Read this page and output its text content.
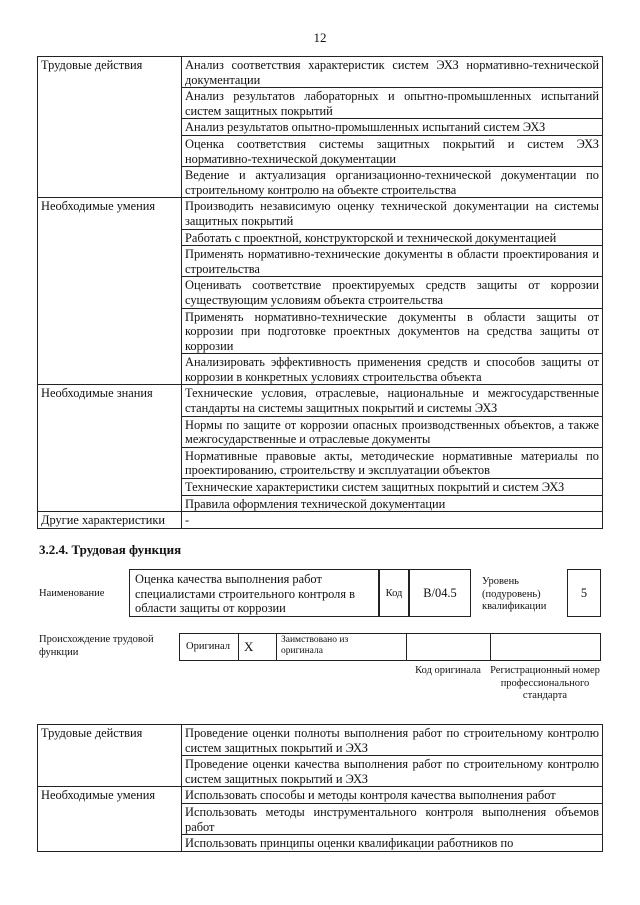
12
Трудовые действия	Анализ соответствия характеристик систем ЭХЗ нормативно-технической документации
	Анализ результатов лабораторных и опытно-промышленных испытаний систем защитных покрытий
	Анализ результатов опытно-промышленных испытаний систем ЭХЗ
	Оценка соответствия системы защитных покрытий и систем ЭХЗ нормативно-технической документации
	Ведение и актуализация организационно-технической документации по строительному контролю на объекте строительства
Необходимые умения	Производить независимую оценку технической документации на системы защитных покрытий
	Работать с проектной, конструкторской и технической документацией
	Применять нормативно-технические документы в области проектирования и строительства
	Оценивать соответствие проектируемых средств защиты от коррозии существующим условиям объекта строительства
	Применять нормативно-технические документы в области защиты от коррозии при подготовке проектных документов на средства защиты от коррозии
	Анализировать эффективность применения средств и способов защиты от коррозии в конкретных условиях строительства объекта
Необходимые знания	Технические условия, отраслевые, национальные и межгосударственные стандарты на системы защитных покрытий и системы ЭХЗ
	Нормы по защите от коррозии опасных производственных объектов, а также межгосударственные и отраслевые документы
	Нормативные правовые акты, методические нормативные материалы по проектированию, строительству и эксплуатации объектов
	Технические характеристики систем защитных покрытий и систем ЭХЗ
	Правила оформления технической документации
Другие характеристики	-
3.2.4. Трудовая функция
Наименование
Оценка качества выполнения работ специалистами строительного контроля в области защиты от коррозии
Код	B/04.5
Уровень (подуровень) квалификации
5
Происхождение трудовой функции	Оригинал X	Заимствовано из оригинала
Код оригинала Регистрационный номер профессионального стандарта
Трудовые действия	Проведение оценки полноты выполнения работ по строительному контролю систем защитных покрытий и ЭХЗ
	Проведение оценки качества выполнения работ по строительному контролю систем защитных покрытий и ЭХЗ
Необходимые умения	Использовать способы и методы контроля качества выполнения работ
	Использовать методы инструментального контроля выполнения объемов работ
	Использовать принципы оценки квалификации работников по
